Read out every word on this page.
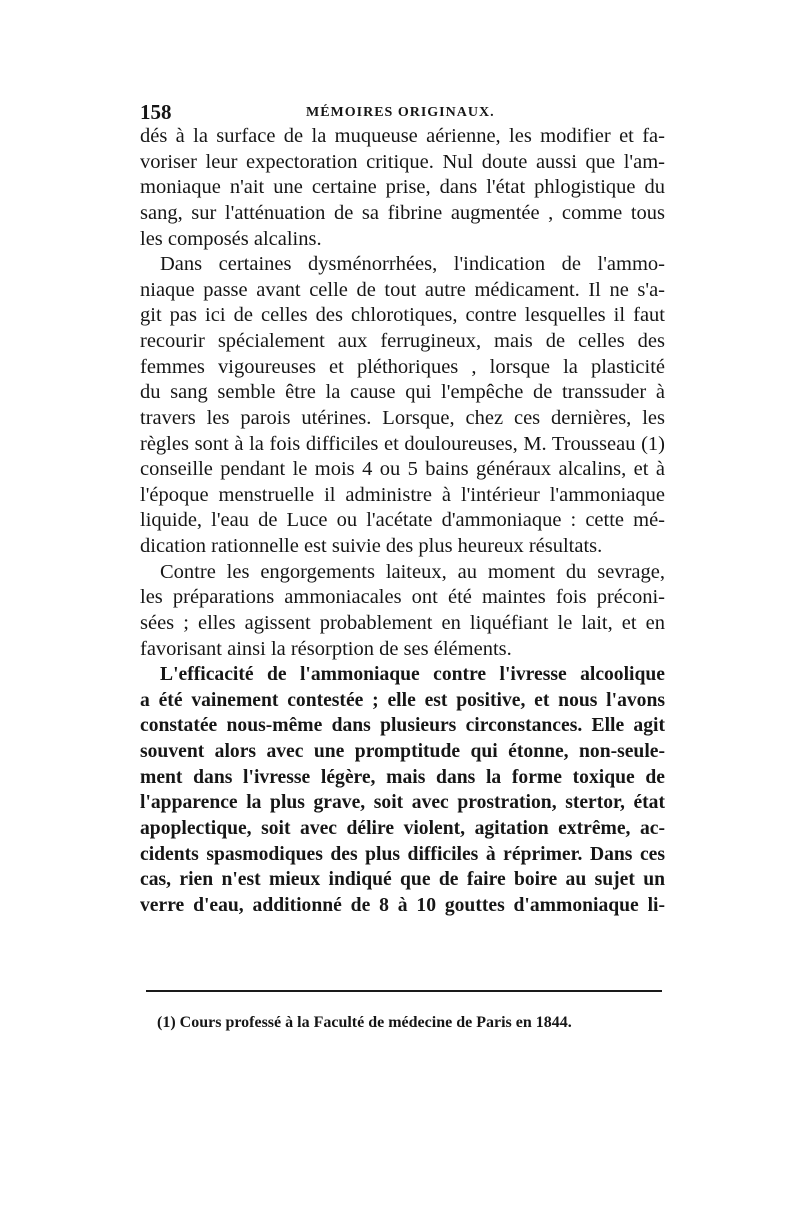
158	MÉMOIRES ORIGINAUX.
dés à la surface de la muqueuse aérienne, les modifier et fa-
voriser leur expectoration critique. Nul doute aussi que l'am-
moniaque n'ait une certaine prise, dans l'état phlogistique du
sang, sur l'atténuation de sa fibrine augmentée , comme tous
les composés alcalins.
Dans certaines dysménorrhées, l'indication de l'ammo-
niaque passe avant celle de tout autre médicament. Il ne s'a-
git pas ici de celles des chlorotiques, contre lesquelles il faut
recourir spécialement aux ferrugineux, mais de celles des
femmes vigoureuses et pléthoriques , lorsque la plasticité
du sang semble être la cause qui l'empêche de transsuder à
travers les parois utérines. Lorsque, chez ces dernières, les
règles sont à la fois difficiles et douloureuses, M. Trousseau (1)
conseille pendant le mois 4 ou 5 bains généraux alcalins, et à
l'époque menstruelle il administre à l'intérieur l'ammoniaque
liquide, l'eau de Luce ou l'acétate d'ammoniaque : cette mé-
dication rationnelle est suivie des plus heureux résultats.
Contre les engorgements laiteux, au moment du sevrage,
les préparations ammoniacales ont été maintes fois préconi-
sées ; elles agissent probablement en liquéfiant le lait, et en
favorisant ainsi la résorption de ses éléments.
L'efficacité de l'ammoniaque contre l'ivresse alcoolique
a été vainement contestée ; elle est positive, et nous l'avons
constatée nous-même dans plusieurs circonstances. Elle agit
souvent alors avec une promptitude qui étonne, non-seule-
ment dans l'ivresse légère, mais dans la forme toxique de
l'apparence la plus grave, soit avec prostration, stertor, état
apoplectique, soit avec délire violent, agitation extrême, ac-
cidents spasmodiques des plus difficiles à réprimer. Dans ces
cas, rien n'est mieux indiqué que de faire boire au sujet un
verre d'eau, additionné de 8 à 10 gouttes d'ammoniaque li-
(1) Cours professé à la Faculté de médecine de Paris en 1844.
